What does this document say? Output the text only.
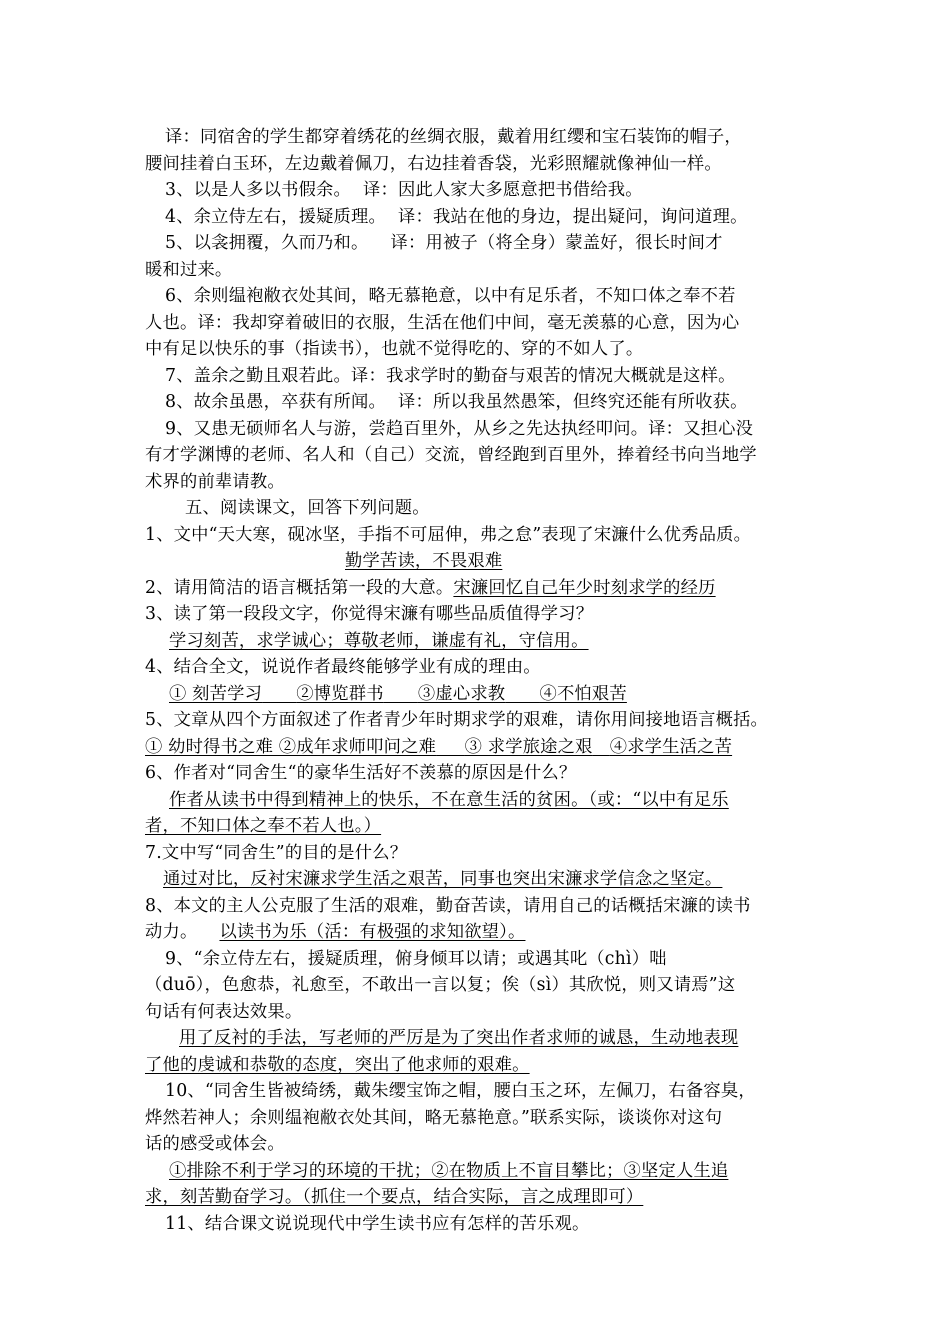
译：同宿舍的学生都穿着绣花的丝绸衣服，戴着用红缨和宝石装饰的帽子，
腰间挂着白玉环，左边戴着佩刀，右边挂着香袋，光彩照耀就像神仙一样。
3、以是人多以书假余。 译：因此人家大多愿意把书借给我。
4、余立侍左右，援疑质理。 译：我站在他的身边，提出疑问，询问道理。
5、以衾拥覆，久而乃和。 译：用被子（将全身）蒙盖好，很长时间才
暖和过来。
6、余则缊袍敝衣处其间，略无慕艳意，以中有足乐者，不知口体之奉不若
人也。译：我却穿着破旧的衣服，生活在他们中间，毫无羡慕的心意，因为心
中有足以快乐的事（指读书），也就不觉得吃的、穿的不如人了。
7、盖余之勤且艰若此。译：我求学时的勤奋与艰苦的情况大概就是这样。
8、故余虽愚，卒获有所闻。 译：所以我虽然愚笨，但终究还能有所收获。
9、又患无硕师名人与游，尝趋百里外，从乡之先达执经叩问。译：又担心没
有才学渊博的老师、名人和（自己）交流，曾经跑到百里外，捧着经书向当地学
术界的前辈请教。
五、阅读课文，回答下列问题。
1、文中“天大寒，砚冰坚，手指不可屈伸，弗之怠”表现了宋濂什么优秀品质。
勤学苦读，不畏艰难
2、请用简洁的语言概括第一段的大意。宋濂回忆自己年少时刻求学的经历
3、读了第一段段文字，你觉得宋濂有哪些品质值得学习？
学习刻苦，求学诚心；尊敬老师，谦虚有礼，守信用。
4、结合全文，说说作者最终能够学业有成的理由。
① 刻苦学习 ②博览群书 ③虚心求教 ④不怕艰苦
5、文章从四个方面叙述了作者青少年时期求学的艰难，请你用间接地语言概括。
① 幼时得书之难 ②成年求师叩问之难 ③ 求学旅途之艰 ④求学生活之苦
6、作者对“同舍生“的豪华生活好不羡慕的原因是什么？
作者从读书中得到精神上的快乐，不在意生活的贫困。（或：“以中有足乐
者，不知口体之奉不若人也。）
7.文中写“同舍生”的目的是什么？
通过对比，反衬宋濂求学生活之艰苦，同事也突出宋濂求学信念之坚定。
8、本文的主人公克服了生活的艰难，勤奋苦读，请用自己的话概括宋濂的读书
动力。 以读书为乐（活：有极强的求知欲望）。
9、“余立侍左右，援疑质理，俯身倾耳以请；或遇其叱（chì）咄
（duō），色愈恭，礼愈至，不敢出一言以复；俟（sì）其欣悦，则又请焉”这
句话有何表达效果。
用了反衬的手法，写老师的严厉是为了突出作者求师的诚恳，生动地表现
了他的虔诚和恭敬的态度，突出了他求师的艰难。
10、“同舍生皆被绮绣，戴朱缨宝饰之帽，腰白玉之环，左佩刀，右备容臭，
烨然若神人；余则缊袍敝衣处其间，略无慕艳意。”联系实际，谈谈你对这句
话的感受或体会。
①排除不利于学习的环境的干扰；②在物质上不盲目攀比；③坚定人生追
求，刻苦勤奋学习。（抓住一个要点，结合实际，言之成理即可）
11、结合课文说说现代中学生读书应有怎样的苦乐观。
